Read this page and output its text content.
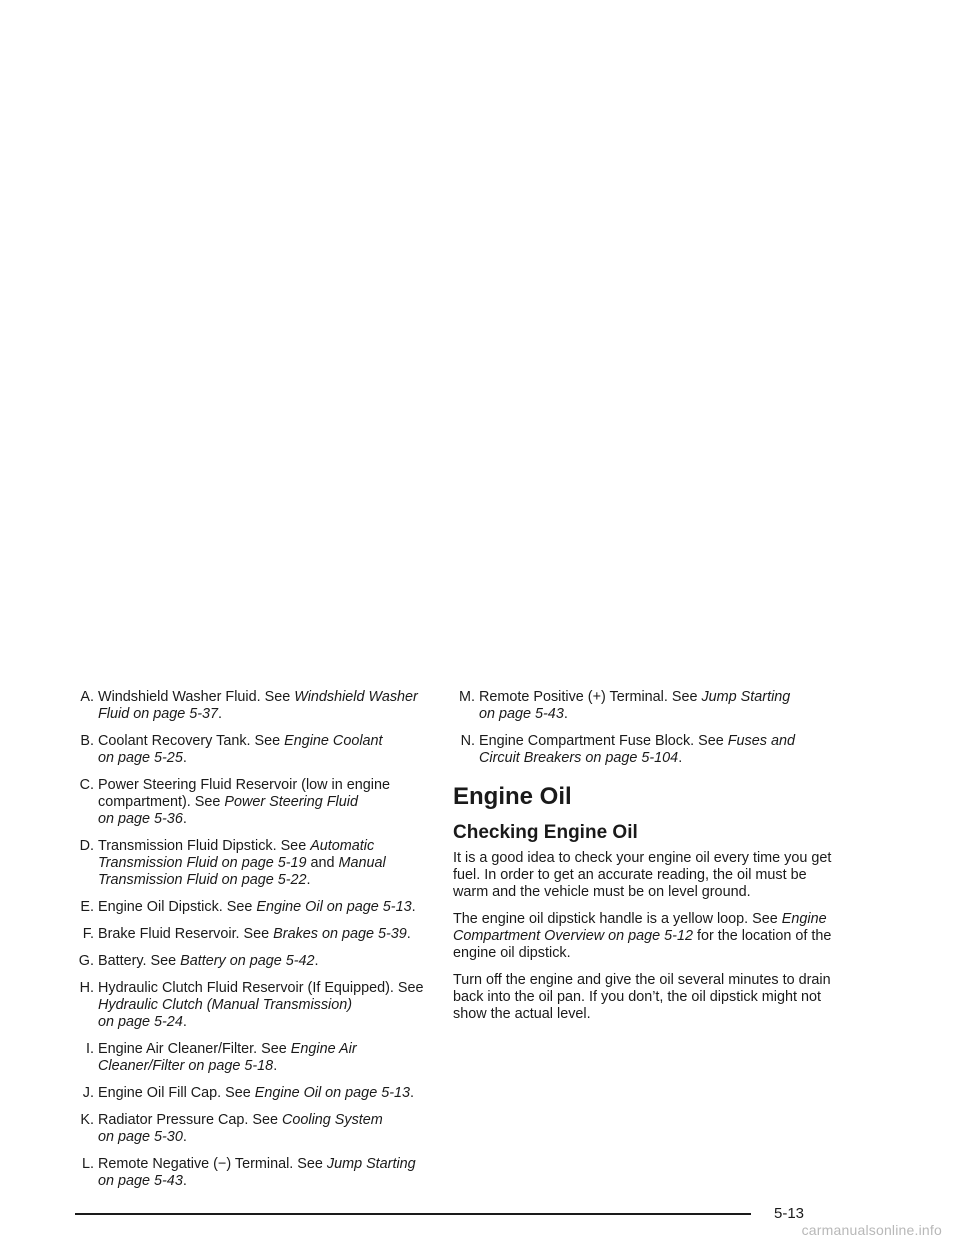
A. Windshield Washer Fluid. See Windshield Washer
Fluid on page 5-37.
B. Coolant Recovery Tank. See Engine Coolant
on page 5-25.
C. Power Steering Fluid Reservoir (low in engine
compartment). See Power Steering Fluid
on page 5-36.
D. Transmission Fluid Dipstick. See Automatic
Transmission Fluid on page 5-19 and Manual
Transmission Fluid on page 5-22.
E. Engine Oil Dipstick. See Engine Oil on page 5-13.
F. Brake Fluid Reservoir. See Brakes on page 5-39.
G. Battery. See Battery on page 5-42.
H. Hydraulic Clutch Fluid Reservoir (If Equipped). See
Hydraulic Clutch (Manual Transmission)
on page 5-24.
I. Engine Air Cleaner/Filter. See Engine Air
Cleaner/Filter on page 5-18.
J. Engine Oil Fill Cap. See Engine Oil on page 5-13.
K. Radiator Pressure Cap. See Cooling System
on page 5-30.
L. Remote Negative (−) Terminal. See Jump Starting
on page 5-43.
M. Remote Positive (+) Terminal. See Jump Starting
on page 5-43.
N. Engine Compartment Fuse Block. See Fuses and
Circuit Breakers on page 5-104.
Engine Oil
Checking Engine Oil

It is a good idea to check your engine oil every time you get fuel. In order to get an accurate reading, the oil must be warm and the vehicle must be on level ground.

The engine oil dipstick handle is a yellow loop. See Engine Compartment Overview on page 5-12 for the location of the engine oil dipstick.

Turn off the engine and give the oil several minutes to drain back into the oil pan. If you don’t, the oil dipstick might not show the actual level.

5-13
carmanualsonline.info
